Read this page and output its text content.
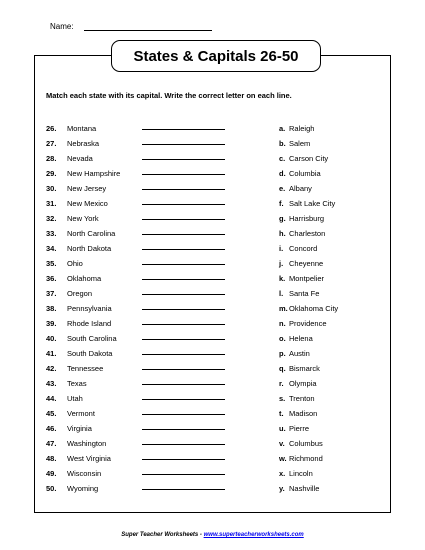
Name:
States & Capitals 26-50
Match each state with its capital. Write the correct letter on each line.
26.	Montana
27.	Nebraska
28.	Nevada
29.	New Hampshire
30.	New Jersey
31.	New Mexico
32.	New York
33.	North Carolina
34.	North Dakota
35.	Ohio
36.	Oklahoma
37.	Oregon
38.	Pennsylvania
39.	Rhode Island
40.	South Carolina
41.	South Dakota
42.	Tennessee
43.	Texas
44.	Utah
45.	Vermont
46.	Virginia
47.	Washington
48.	West Virginia
49.	Wisconsin
50.	Wyoming
a. Raleigh
b. Salem
c. Carson City
d. Columbia
e. Albany
f. Salt Lake City
g. Harrisburg
h. Charleston
i. Concord
j. Cheyenne
k. Montpelier
l. Santa Fe
m. Oklahoma City
n. Providence
o. Helena
p. Austin
q. Bismarck
r. Olympia
s. Trenton
t. Madison
u. Pierre
v. Columbus
w. Richmond
x. Lincoln
y. Nashville
Super Teacher Worksheets - www.superteacherworksheets.com
